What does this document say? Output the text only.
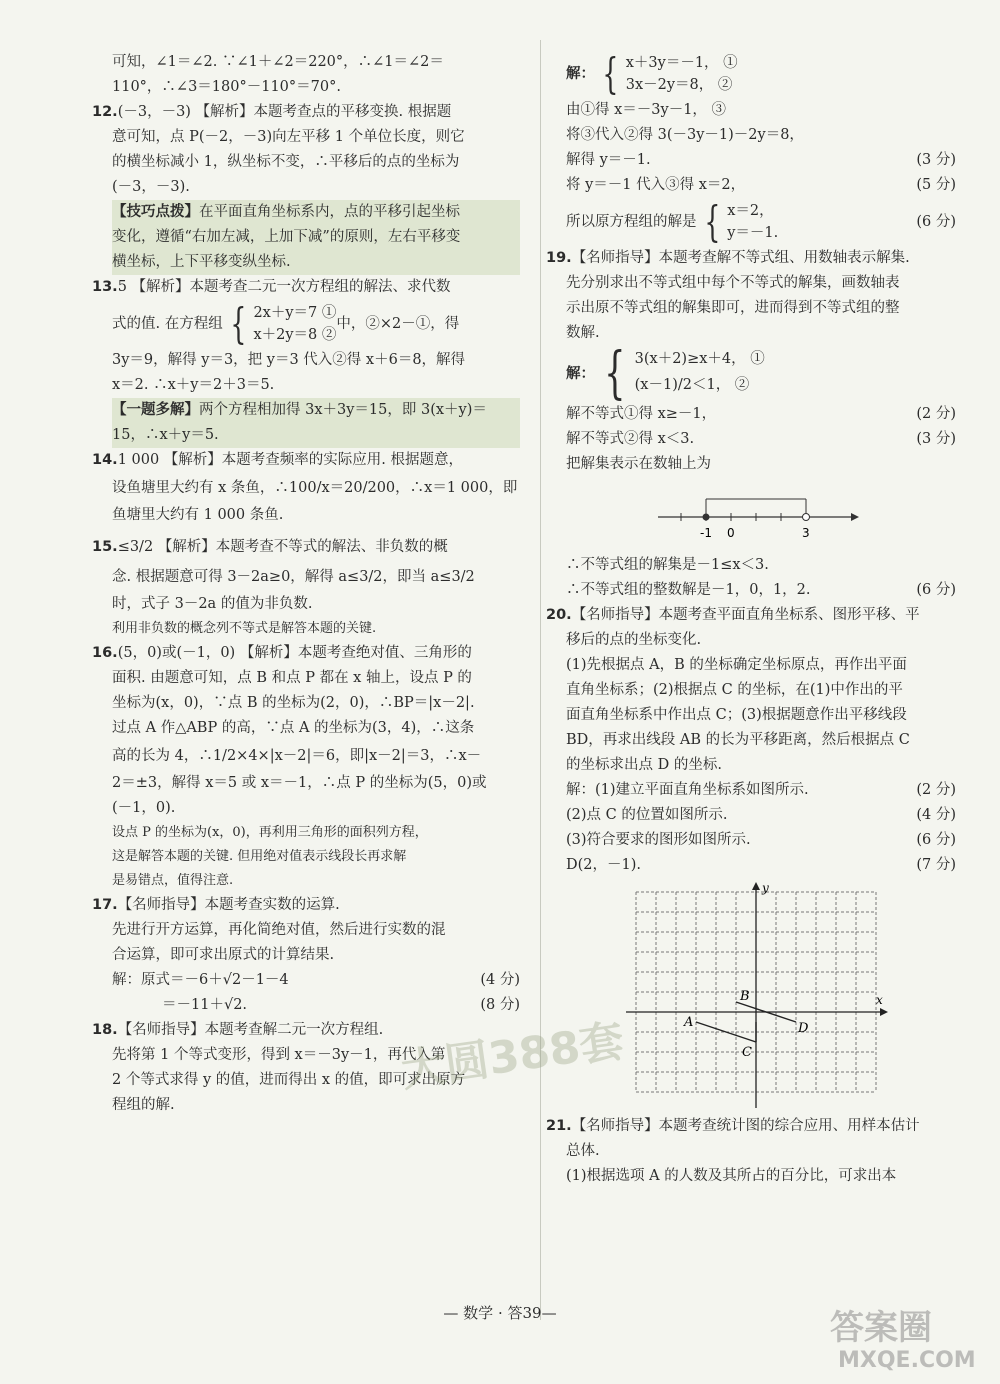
可知，∠1＝∠2. ∵∠1＋∠2＝220°，∴∠1＝∠2＝
110°，∴∠3＝180°－110°＝70°.
12.(－3，－3) 【解析】本题考查点的平移变换. 根据题
意可知，点 P(－2，－3)向左平移 1 个单位长度，则它
的横坐标减小 1，纵坐标不变，∴平移后的点的坐标为
(－3，－3).
【技巧点拨】在平面直角坐标系内，点的平移引起坐标
变化，遵循“右加左减，上加下减”的原则，左右平移变
横坐标，上下平移变纵坐标.
13.5 【解析】本题考查二元一次方程组的解法、求代数
式的值. 在方程组 { 2x＋y＝7 ①
x＋2y＝8 ②
中，②×2－①，得
3y＝9，解得 y＝3，把 y＝3 代入②得 x＋6＝8，解得
x＝2. ∴x＋y＝2＋3＝5.
【一题多解】两个方程相加得 3x＋3y＝15，即 3(x＋y)＝
15，∴x＋y＝5.
14.1 000 【解析】本题考查频率的实际应用. 根据题意，
设鱼塘里大约有 x 条鱼，∴100/x＝20/200，∴x＝1 000，即
鱼塘里大约有 1 000 条鱼.
15.≤3/2 【解析】本题考查不等式的解法、非负数的概
念. 根据题意可得 3－2a≥0，解得 a≤3/2，即当 a≤3/2
时，式子 3－2a 的值为非负数.
利用非负数的概念列不等式是解答本题的关键.
16.(5，0)或(－1，0) 【解析】本题考查绝对值、三角形的
面积. 由题意可知，点 B 和点 P 都在 x 轴上，设点 P 的
坐标为(x，0)，∵点 B 的坐标为(2，0)，∴BP＝|x－2|.
过点 A 作△ABP 的高，∵点 A 的坐标为(3，4)，∴这条
高的长为 4，∴1/2×4×|x－2|＝6，即|x－2|＝3，∴x－
2＝±3，解得 x＝5 或 x＝－1，∴点 P 的坐标为(5，0)或
(－1，0).
设点 P 的坐标为(x，0)，再利用三角形的面积列方程，
这是解答本题的关键. 但用绝对值表示线段长再求解
是易错点，值得注意.
17.【名师指导】本题考查实数的运算.
先进行开方运算，再化简绝对值，然后进行实数的混
合运算，即可求出原式的计算结果.
解：原式＝－6＋√2－1－4	(4 分)
＝－11＋√2.	(8 分)
18.【名师指导】本题考查解二元一次方程组.
先将第 1 个等式变形，得到 x＝－3y－1，再代入第
2 个等式求得 y 的值，进而得出 x 的值，即可求出原方
程组的解.
解： { x＋3y＝－1， ①
3x－2y＝8， ②
由①得 x＝－3y－1， ③
将③代入②得 3(－3y－1)－2y＝8，
解得 y＝－1.	(3 分)
将 y＝－1 代入③得 x＝2，	(5 分)
所以原方程组的解是 { x＝2，
y＝－1.
(6 分)
19.【名师指导】本题考查解不等式组、用数轴表示解集.
先分别求出不等式组中每个不等式的解集，画数轴表
示出原不等式组的解集即可，进而得到不等式组的整
数解.
解： { 3(x＋2)≥x＋4， ①
(x－1)/2＜1， ②
解不等式①得 x≥－1，	(2 分)
解不等式②得 x＜3.	(3 分)
把解集表示在数轴上为
-1 0	3
∴不等式组的解集是－1≤x＜3.
∴不等式组的整数解是－1，0，1，2.	(6 分)
20.【名师指导】本题考查平面直角坐标系、图形平移、平
移后的点的坐标变化.
(1)先根据点 A，B 的坐标确定坐标原点，再作出平面
直角坐标系；(2)根据点 C 的坐标，在(1)中作出的平
面直角坐标系中作出点 C；(3)根据题意作出平移线段
BD，再求出线段 AB 的长为平移距离，然后根据点 C
的坐标求出点 D 的坐标.
解：(1)建立平面直角坐标系如图所示.	(2 分)
(2)点 C 的位置如图所示.	(4 分)
(3)符合要求的图形如图所示.	(6 分)
D(2，－1).	(7 分)
y
x
A
B
C
D
21.【名师指导】本题考查统计图的综合应用、用样本估计
总体.
(1)根据选项 A 的人数及其所占的百分比，可求出本
大圆388套
答案圈
MXQE.COM
— 数学 · 答39—
